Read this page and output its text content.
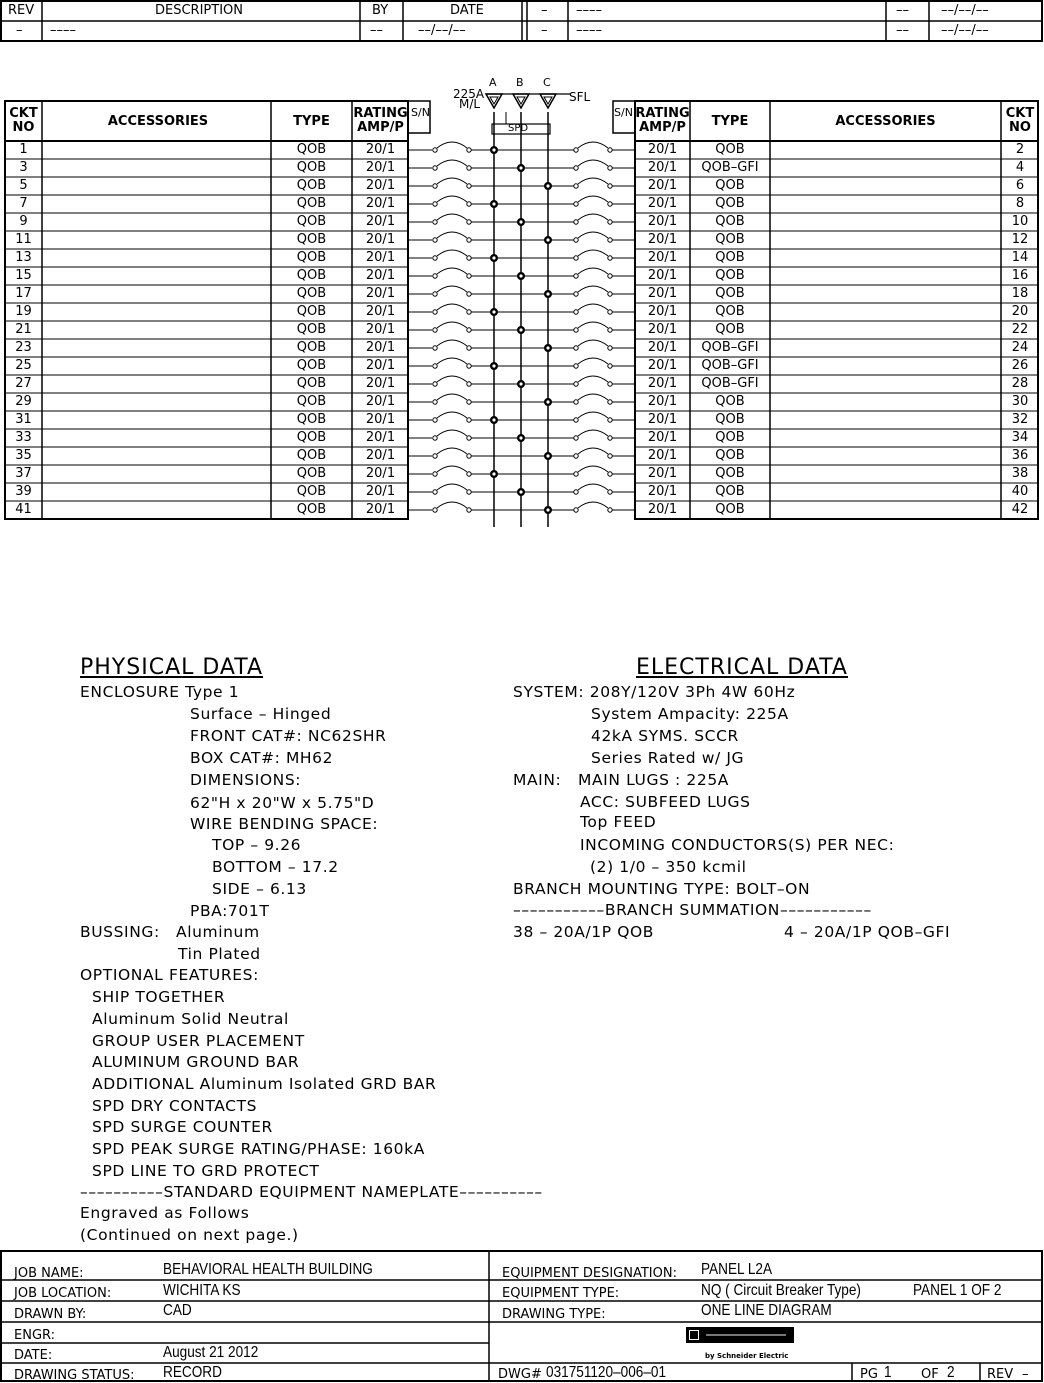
REV	DESCRIPTION	BY	DATE
– ––––	––	––/––/––
– ––––	–– ––/––/––
– ––––	–– ––/––/––
CKT NO	ACCESSORIES	TYPE
RATING AMP/P
RATING AMP/P	TYPE	ACCESSORIES
CKT NO
S/N	S/N
225A
M/L
A B C
SFL
SPD
1	QOB	20/1	20/1	QOB	2
3	QOB	20/1	20/1	QOB–GFI	4
5	QOB	20/1	20/1	QOB	6
7	QOB	20/1	20/1	QOB	8
9	QOB	20/1	20/1	QOB	10
11	QOB	20/1	20/1	QOB	12
13	QOB	20/1	20/1	QOB	14
15	QOB	20/1	20/1	QOB	16
17	QOB	20/1	20/1	QOB	18
19	QOB	20/1	20/1	QOB	20
21	QOB	20/1	20/1	QOB	22
23	QOB	20/1	20/1	QOB–GFI	24
25	QOB	20/1	20/1	QOB–GFI	26
27	QOB	20/1	20/1	QOB–GFI	28
29	QOB	20/1	20/1	QOB	30
31	QOB	20/1	20/1	QOB	32
33	QOB	20/1	20/1	QOB	34
35	QOB	20/1	20/1	QOB	36
37	QOB	20/1	20/1	QOB	38
39	QOB	20/1	20/1	QOB	40
41	QOB	20/1	20/1	QOB	42
PHYSICAL DATA
ENCLOSURE Type 1
Surface – Hinged
FRONT CAT#: NC62SHR
BOX CAT#: MH62
DIMENSIONS:
62"H x 20"W x 5.75"D
WIRE BENDING SPACE:
TOP – 9.26
BOTTOM – 17.2
SIDE – 6.13
PBA:701T
BUSSING: Aluminum
Tin Plated
OPTIONAL FEATURES:
SHIP TOGETHER
Aluminum Solid Neutral
GROUP USER PLACEMENT
ALUMINUM GROUND BAR
ADDITIONAL Aluminum Isolated GRD BAR
SPD DRY CONTACTS
SPD SURGE COUNTER
SPD PEAK SURGE RATING/PHASE: 160kA
SPD LINE TO GRD PROTECT
––––––––––STANDARD EQUIPMENT NAMEPLATE––––––––––
Engraved as Follows
(Continued on next page.)
ELECTRICAL DATA
SYSTEM: 208Y/120V 3Ph 4W 60Hz
System Ampacity: 225A
42kA SYMS. SCCR
Series Rated w/ JG
MAIN: MAIN LUGS : 225A
ACC: SUBFEED LUGS
Top FEED
INCOMING CONDUCTORS(S) PER NEC:
(2) 1/0 – 350 kcmil
BRANCH MOUNTING TYPE: BOLT–ON
–––––––––––BRANCH SUMMATION–––––––––––
38 – 20A/1P QOB	4 – 20A/1P QOB–GFI
JOB NAME:	BEHAVIORAL HEALTH BUILDING
JOB LOCATION:	WICHITA KS
DRAWN BY:	CAD
ENGR:
DATE:	August 21 2012
DRAWING STATUS: RECORD
EQUIPMENT DESIGNATION: PANEL L2A
EQUIPMENT TYPE:	NQ ( Circuit Breaker Type)	PANEL 1 OF 2
DRAWING TYPE:	ONE LINE DIAGRAM
by Schneider Electric
DWG# 031751120–006–01	PG 1 OF 2 REV –
